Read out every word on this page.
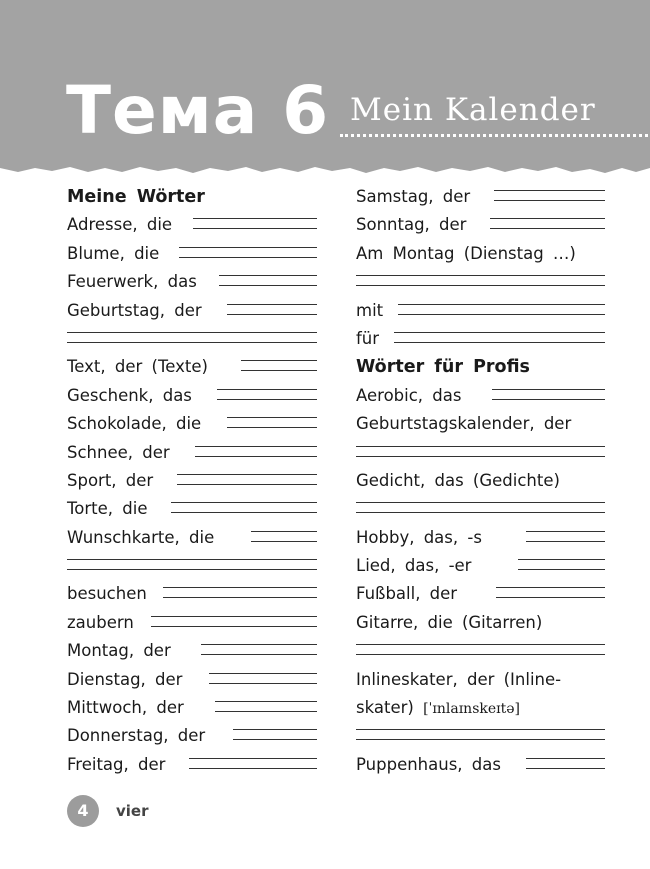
Тема 6 Mein Kalender
Meine Wörter
Adresse, die
Blume, die
Feuerwerk, das
Geburtstag, der
Text, der (Texte)
Geschenk, das
Schokolade, die
Schnee, der
Sport, der
Torte, die
Wunschkarte, die
besuchen
zaubern
Montag, der
Dienstag, der
Mittwoch, der
Donnerstag, der
Freitag, der
Samstag, der
Sonntag, der
Am Montag (Dienstag …)
mit
für
Wörter für Profis
Aerobic, das
Geburtstagskalender, der
Gedicht, das (Gedichte)
Hobby, das, -s
Lied, das, -er
Fußball, der
Gitarre, die (Gitarren)
Inlineskater, der (Inline-
skater) [ˈɪnlaɪnskeɪtə]
Puppenhaus, das
4	vier
